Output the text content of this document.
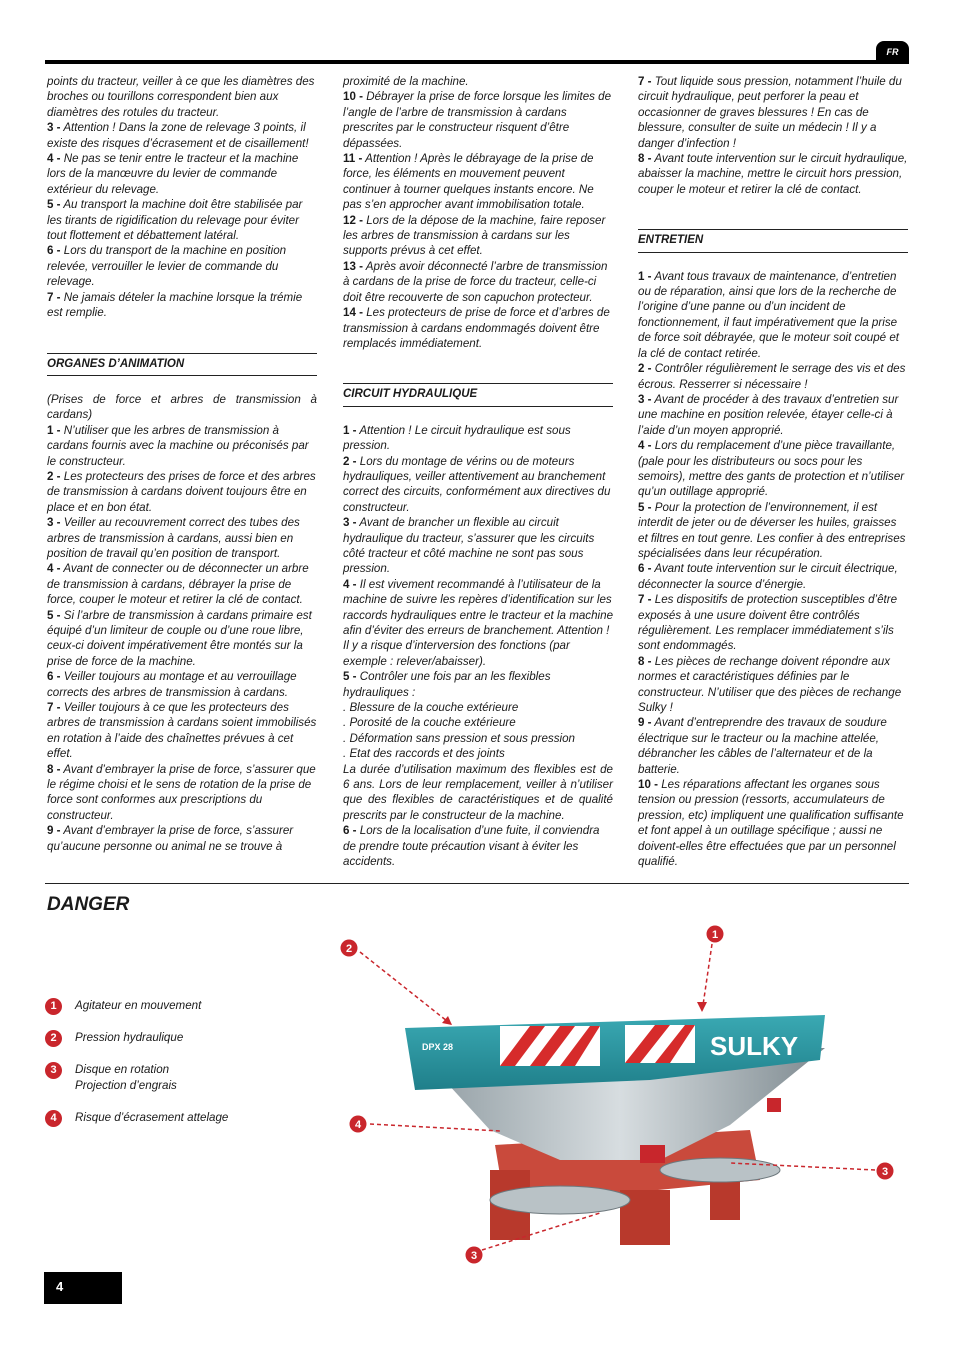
FR

points du tracteur, veiller à ce que les diamètres des broches ou tourillons correspondent bien aux diamètres des rotules du tracteur.

3 - Attention ! Dans la zone de relevage 3 points, il existe des risques d’écrasement et de cisaillement!

4 - Ne pas se tenir entre le tracteur et la machine lors de la manœuvre du levier de commande extérieur du relevage.

5 - Au transport la machine doit être stabilisée par les tirants de rigidification du relevage pour éviter tout flottement et débattement latéral.

6 - Lors du transport de la machine en position relevée, verrouiller le levier de commande du relevage.

7 - Ne jamais dételer la machine lorsque la trémie est remplie.

ORGANES D’ANIMATION

(Prises de force et arbres de transmission à cardans)

1 - N’utiliser que les arbres de transmission à cardans fournis avec la machine ou préconisés par le constructeur.

2 - Les protecteurs des prises de force et des arbres de transmission à cardans doivent toujours être en place et en bon état.

3 - Veiller au recouvrement correct des tubes des arbres de transmission à cardans, aussi bien en position de travail qu’en position de transport.

4 - Avant de connecter ou de déconnecter un arbre de transmission à cardans, débrayer la prise de force, couper le moteur et retirer la clé de contact.

5 - Si l’arbre de transmission à cardans primaire est équipé d’un limiteur de couple ou d’une roue libre, ceux-ci doivent impérativement être montés sur la prise de force de la machine.

6 - Veiller toujours au montage et au verrouillage corrects des arbres de transmission à cardans.

7 - Veiller toujours à ce que les protecteurs des arbres de transmission à cardans soient immobilisés en rotation à l’aide des chaînettes prévues à cet effet.

8 - Avant d’embrayer la prise de force, s’assurer que le régime choisi et le sens de rotation de la prise de force sont conformes aux prescriptions du constructeur.

9 - Avant d’embrayer la prise de force, s’assurer qu’aucune personne ou animal ne se trouve à

proximité de la machine.

10 - Débrayer la prise de force lorsque les limites de l’angle de l’arbre de transmission à cardans prescrites par le constructeur risquent d’être dépassées.

11 - Attention ! Après le débrayage de la prise de force, les éléments en mouvement peuvent continuer à tourner quelques instants encore. Ne pas s’en approcher avant immobilisation totale.

12 - Lors de la dépose de la machine, faire reposer les arbres de transmission à cardans sur les supports prévus à cet effet.

13 - Après avoir déconnecté l’arbre de transmission à cardans de la prise de force du tracteur, celle-ci doit être recouverte de son capuchon protecteur.

14 - Les protecteurs de prise de force et d’arbres de transmission à cardans endommagés doivent être remplacés immédiatement.

CIRCUIT HYDRAULIQUE

1 - Attention ! Le circuit hydraulique est sous pression.

2 - Lors du montage de vérins ou de moteurs hydrauliques, veiller attentivement au branchement correct des circuits, conformément aux directives du constructeur.

3 - Avant de brancher un flexible au circuit hydraulique du tracteur, s’assurer que les circuits côté tracteur et côté machine ne sont pas sous pression.

4 - Il est vivement recommandé à l’utilisateur de la machine de suivre les repères d’identification sur les raccords hydrauliques entre le tracteur et la machine afin d’éviter des erreurs de branchement. Attention ! Il y a risque d’interversion des fonctions (par exemple : relever/abaisser).

5 - Contrôler une fois par an les flexibles hydrauliques :

. Blessure de la couche extérieure

. Porosité de la couche extérieure

. Déformation sans pression et sous pression

. Etat des raccords et des joints

La durée d’utilisation maximum des flexibles est de 6 ans. Lors de leur remplacement, veiller à n’utiliser que des flexibles de caractéristiques et de qualité prescrits par le constructeur de la machine.

6 - Lors de la localisation d’une fuite, il conviendra de prendre toute précaution visant à éviter les accidents.

7 - Tout liquide sous pression, notamment l’huile du circuit hydraulique, peut perforer la peau et occasionner de graves blessures ! En cas de blessure, consulter de suite un médecin ! Il y a danger d’infection !

8 - Avant toute intervention sur le circuit hydraulique, abaisser la machine, mettre le circuit hors pression, couper le moteur et retirer la clé de contact.

ENTRETIEN

1 - Avant tous travaux de maintenance, d’entretien ou de réparation, ainsi que lors de la recherche de l’origine d’une panne ou d’un incident de fonctionnement, il faut impérativement que la prise de force soit débrayée, que le moteur soit coupé et la clé de contact retirée.

2 - Contrôler régulièrement le serrage des vis et des écrous. Resserrer si nécessaire !

3 - Avant de procéder à des travaux d’entretien sur une machine en position relevée, étayer celle-ci à l’aide d’un moyen approprié.

4 - Lors du remplacement d’une pièce travaillante, (pale pour les distributeurs ou socs pour les semoirs), mettre des gants de protection et n’utiliser qu’un outillage approprié.

5 - Pour la protection de l’environnement, il est interdit de jeter ou de déverser les huiles, graisses et filtres en tout genre. Les confier à des entreprises spécialisées dans leur récupération.

6 - Avant toute intervention sur le circuit électrique, déconnecter la source d’énergie.

7 - Les dispositifs de protection susceptibles d’être exposés à une usure doivent être contrôlés régulièrement. Les remplacer immédiatement s’ils sont endommagés.

8 - Les pièces de rechange doivent répondre aux normes et caractéristiques définies par le constructeur. N’utiliser que des pièces de rechange Sulky !

9 - Avant d’entreprendre des travaux de soudure électrique sur le tracteur ou la machine attelée, débrancher les câbles de l’alternateur et de la batterie.

10 - Les réparations affectant les organes sous tension ou pression (ressorts, accumulateurs de pression, etc) impliquent une qualification suffisante et font appel à un outillage spécifique ; aussi ne doivent-elles être effectuées que par un personnel qualifié.

DANGER
1	Agitateur en mouvement
2	Pression hydraulique
3	Disque en rotation
Projection d’engrais
4	Risque d’écrasement attelage
SULKY
DPX 28
1
2
3
3
4
4
